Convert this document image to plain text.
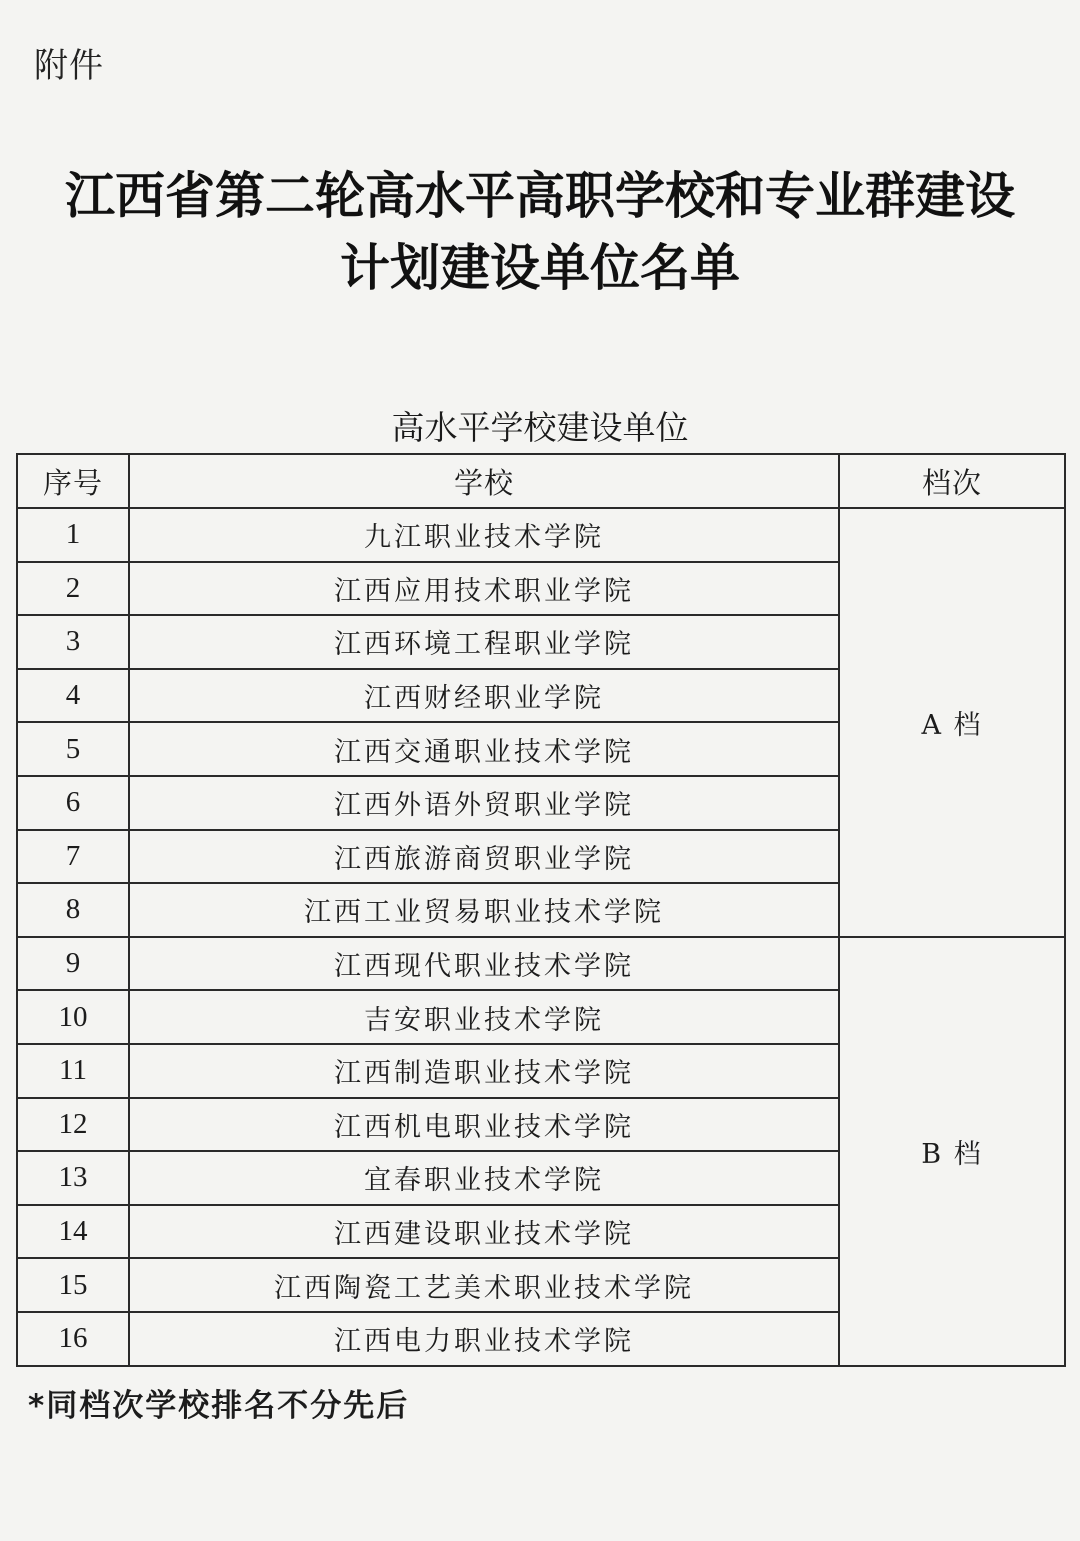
附件
江西省第二轮高水平高职学校和专业群建设
计划建设单位名单
高水平学校建设单位
序号	学校	档次
1	九江职业技术学院	A 档
2	江西应用技术职业学院	
3	江西环境工程职业学院	
4	江西财经职业学院	
5	江西交通职业技术学院	
6	江西外语外贸职业学院	
7	江西旅游商贸职业学院	
8	江西工业贸易职业技术学院	
9	江西现代职业技术学院	B 档
10	吉安职业技术学院	
11	江西制造职业技术学院	
12	江西机电职业技术学院	
13	宜春职业技术学院	
14	江西建设职业技术学院	
15	江西陶瓷工艺美术职业技术学院	
16	江西电力职业技术学院	
*同档次学校排名不分先后
